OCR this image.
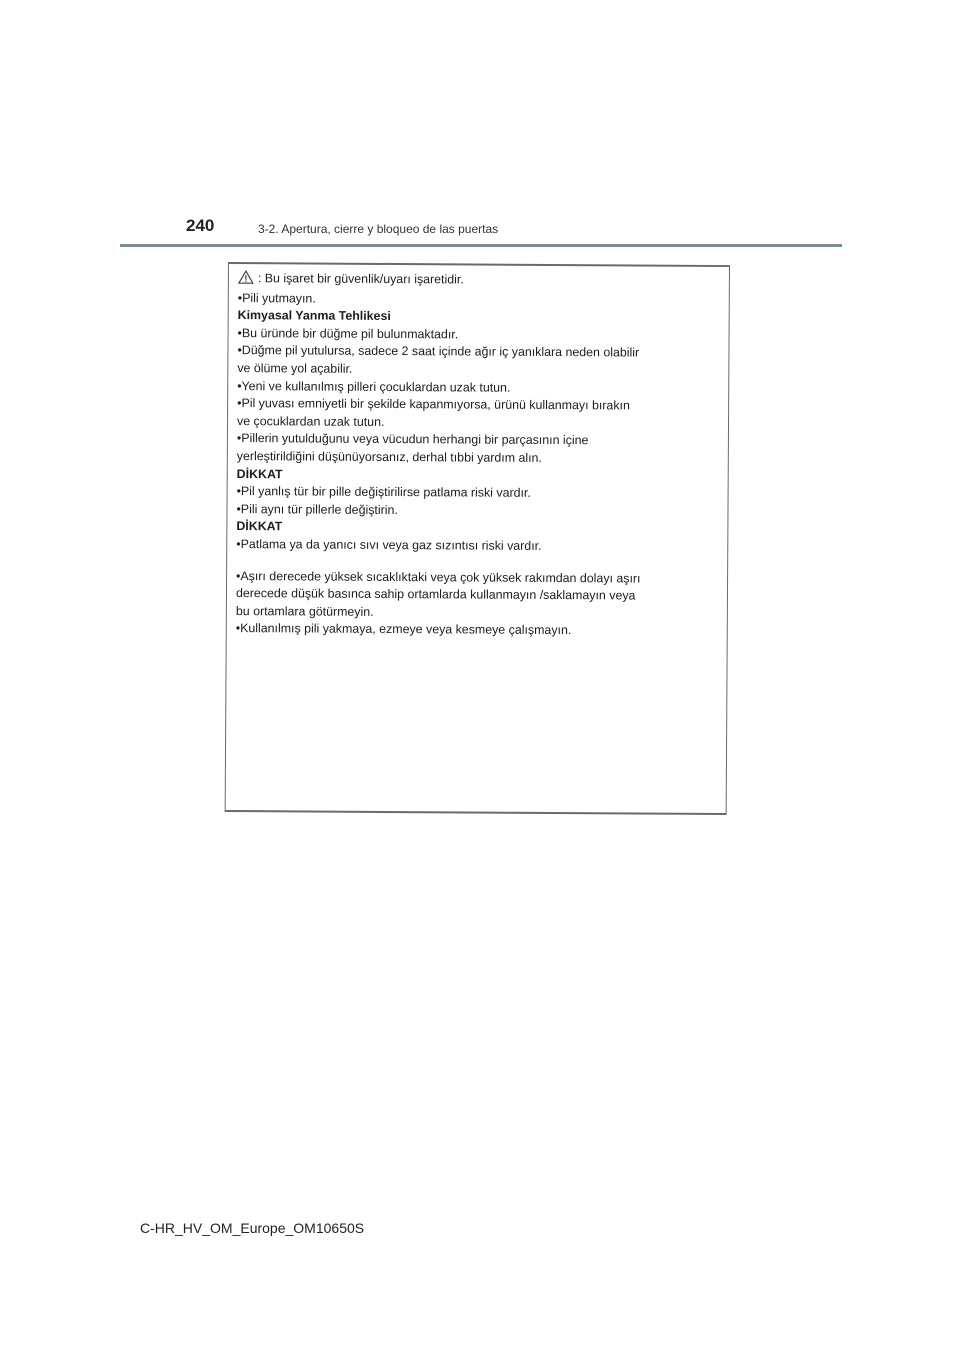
240	3-2. Apertura, cierre y bloqueo de las puertas

: Bu işaret bir güvenlik/uyarı işaretidir.

•Pili yutmayın.

Kimyasal Yanma Tehlikesi

•Bu üründe bir düğme pil bulunmaktadır.

•Düğme pil yutulursa, sadece 2 saat içinde ağır iç yanıklara neden olabilir

ve ölüme yol açabilir.

•Yeni ve kullanılmış pilleri çocuklardan uzak tutun.

•Pil yuvası emniyetli bir şekilde kapanmıyorsa, ürünü kullanmayı bırakın

ve çocuklardan uzak tutun.

•Pillerin yutulduğunu veya vücudun herhangi bir parçasının içine

yerleştirildiğini düşünüyorsanız, derhal tıbbi yardım alın.

DİKKAT

•Pil yanlış tür bir pille değiştirilirse patlama riski vardır.

•Pili aynı tür pillerle değiştirin.

DİKKAT

•Patlama ya da yanıcı sıvı veya gaz sızıntısı riski vardır.

•Aşırı derecede yüksek sıcaklıktaki veya çok yüksek rakımdan dolayı aşırı

derecede düşük basınca sahip ortamlarda kullanmayın /saklamayın veya

bu ortamlara götürmeyin.

•Kullanılmış pili yakmaya, ezmeye veya kesmeye çalışmayın.

C-HR_HV_OM_Europe_OM10650S
